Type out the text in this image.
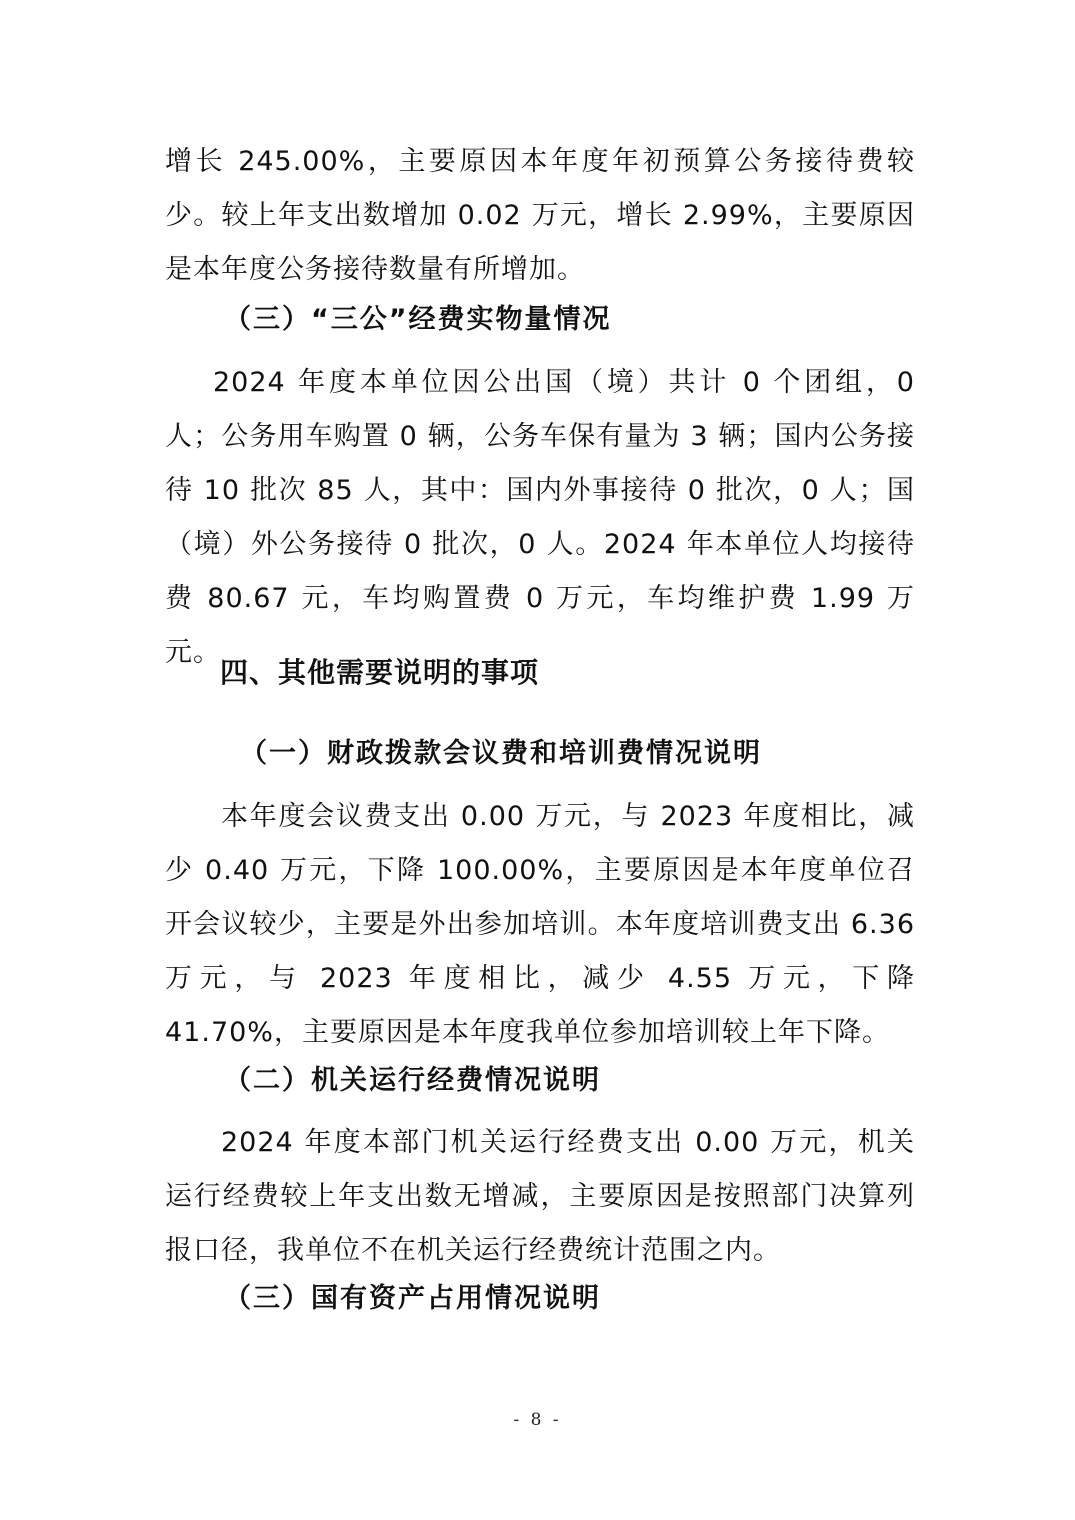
增长 245.00%，主要原因本年度年初预算公务接待费较少。较上年支出数增加 0.02 万元，增长 2.99%，主要原因是本年度公务接待数量有所增加。

（三）“三公”经费实物量情况

2024 年度本单位因公出国（境）共计 0 个团组，0 人；公务用车购置 0 辆，公务车保有量为 3 辆；国内公务接待 10 批次 85 人，其中：国内外事接待 0 批次，0 人；国（境）外公务接待 0 批次，0 人。2024 年本单位人均接待费 80.67 元，车均购置费 0 万元，车均维护费 1.99 万元。

四、其他需要说明的事项
（一）财政拨款会议费和培训费情况说明

本年度会议费支出 0.00 万元，与 2023 年度相比，减少 0.40 万元，下降 100.00%，主要原因是本年度单位召开会议较少，主要是外出参加培训。本年度培训费支出 6.36 万元，与 2023 年度相比，减少 4.55 万元，下降 41.70%，主要原因是本年度我单位参加培训较上年下降。

（二）机关运行经费情况说明

2024 年度本部门机关运行经费支出 0.00 万元，机关运行经费较上年支出数无增减，主要原因是按照部门决算列报口径，我单位不在机关运行经费统计范围之内。

（三）国有资产占用情况说明
- 8 -
